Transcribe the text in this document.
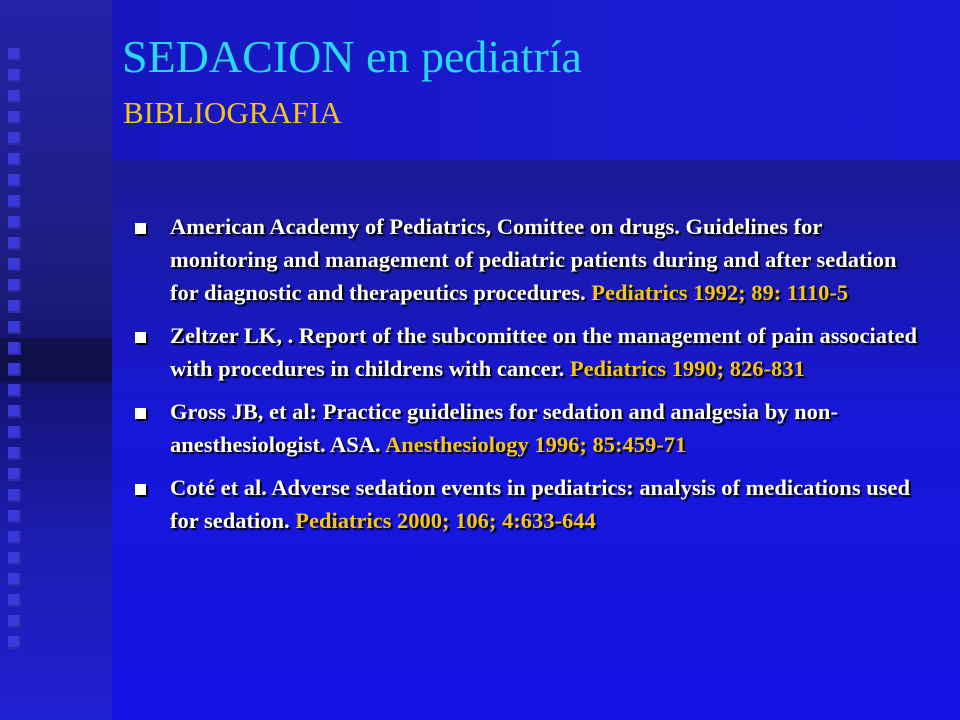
SEDACION en pediatría
BIBLIOGRAFIA
American Academy of Pediatrics, Comittee on drugs. Guidelines for monitoring and management of pediatric patients during and after sedation for diagnostic and therapeutics procedures. Pediatrics 1992; 89: 1110-5
Zeltzer LK, . Report of the subcomittee on the management of pain associated with procedures in childrens with cancer. Pediatrics 1990; 826-831
Gross JB, et al: Practice guidelines for sedation and analgesia by non-anesthesiologist. ASA. Anesthesiology 1996; 85:459-71
Coté et al. Adverse sedation events in pediatrics: analysis of medications used for sedation. Pediatrics 2000; 106; 4:633-644
